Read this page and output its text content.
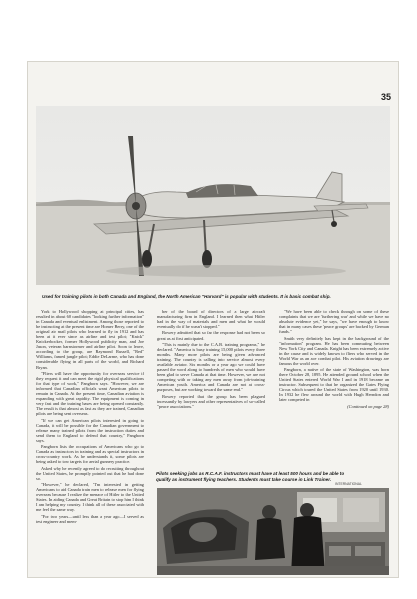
35
Used for training pilots in both Canada and England, the North American "Harvard" is popular with students. It is basic combat ship.

York to Hollywood shopping at principal cities, has resulted in about 60 candidates "looking further information" in Canada and eventual enlistment. Among those reported to be instructing at the present time are Homer Berry, one of the original air mail pilots who learned to fly in 1912 and has been at it ever since as airline and test pilot; "Knick" Knickerbocker, former Hollywood publicity man, and Joe Jason, veteran barnstormer and airline pilot. Soon to leave, according to the group, are Raymond Russell, "Red" Williams, famed jungle pilot; Eddie DeLarme, who has done considerable flying in all parts of the world, and Richard Bryan.

"Fliers will have the opportunity for overseas service if they request it and can meet the rigid physical qualifications for that type of work," Pangborn says. "However, we are informed that Canadian officials want American pilots to remain in Canada. At the present time, Canadian aviation is expanding with great rapidity. The equipment is coming in very fast and the training bases are being opened constantly. The result is that almost as fast as they are trained, Canadian pilots are being sent overseas.

"If we can get American pilots interested in going to Canada, it will be possible for the Canadian government to release many trained pilots from the instruction duties and send them to England to defend that country," Pangborn says.

Pangborn lists the occupations of Americans who go to Canada as instructors in training and as special instructors in cross-country work. As he understands it, some pilots are being asked to tow targets for aerial gunnery practice.

Asked why he recently agreed to do recruiting throughout the United States, he promptly pointed out that he had done so.

"However," he declared, "I'm interested in getting Americans to aid Canada train men to release men for flying overseas because I realize the menace of Hitler to the United States. In aiding Canada and Great Britain to stop him I think I am helping my country. I think all of these associated with me feel the same way.

"For two years—until less than a year ago—I served as test engineer and mem-

ber of the board of directors of a large aircraft manufacturing firm in England. I learned then what Hitler had in the way of materials and men and what he would eventually do if he wasn't stopped."

Bowery admitted that so far the response had not been so great as at first anticipated.

"This is mainly due to the C.A.B. training programs," he declared. "America is busy training 15,000 pilots every three months. Many more pilots are being given advanced training. The country is calling into service almost every available aviator. Six months or a year ago we could have passed the word along to hundreds of men who would have been glad to serve Canada at that time. However, we are not competing with or taking any men away from job-training American youth. America and Canada are not at cross-purposes, but are working toward the same end."

Bowery reported that the group has been plagued incessantly by lawyers and other representatives of so-called "peace associations."

"We have been able to check through on some of these complaints that we are 'furthering war' and while we have no absolute evidence yet," he says, "we have enough to know that in many cases these 'peace groups' are backed by German funds."

Smith very definitely has kept in the background of the "information" program. He has been commuting between New York City and Canada. Knight has been extremely active in the cause and is widely known to fliers who served in the World War as an ace combat pilot. His aviation drawings are famous the world over.

Pangborn, a native of the state of Washington, was born there October 28, 1895. He attended ground school when the United States entered World War I and in 1918 became an instructor. Subsequent to that he organized the Gates Flying Circus which toured the United States from 1920 until 1930. In 1932 he flew around the world with Hugh Herndon and later competed in

(Continued on page 28)

Pilots seeking jobs as R.C.A.F. instructors must have at least 500 hours and be able to
qualify as instrument flying teachers. Students must take course in Link Trainer.
INTERNATIONAL
